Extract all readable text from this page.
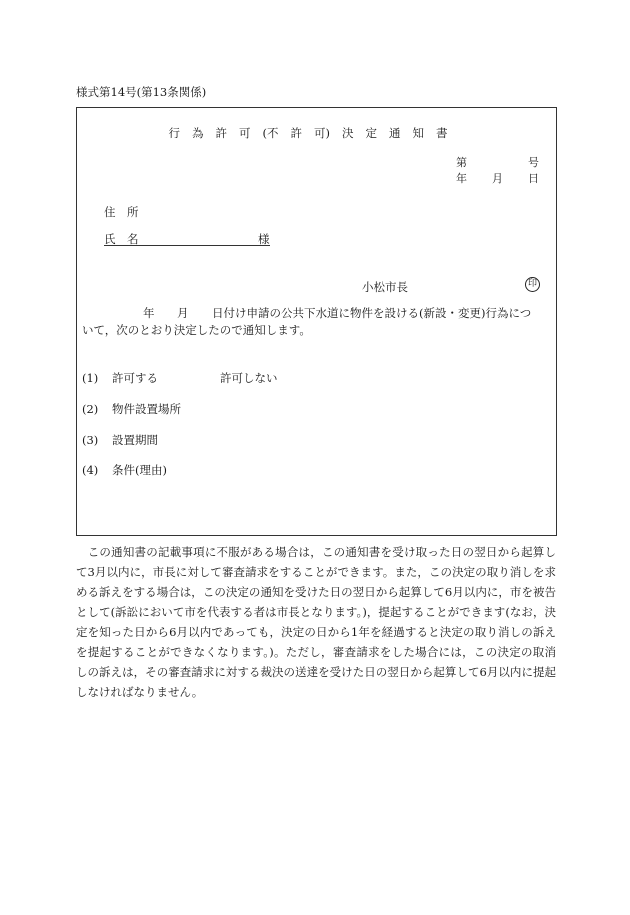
様式第14号(第13条関係)
行 為 許 可 (不 許 可) 決 定 通 知 書
第	号
年 月 日
住　所
氏　名	様
小松市長	印
年 月 日付け申請の公共下水道に物件を設ける(新設・変更)行為につ
いて，次のとおり決定したので通知します。
(1) 許可する	許可しない
(2) 物件設置場所
(3) 設置期間
(4) 条件(理由)
　この通知書の記載事項に不服がある場合は，この通知書を受け取った日の翌日から起算して3月以内に，市長に対して審査請求をすることができます。また，この決定の取り消しを求める訴えをする場合は，この決定の通知を受けた日の翌日から起算して6月以内に，市を被告として(訴訟において市を代表する者は市長となります。)，提起することができます(なお，決定を知った日から6月以内であっても，決定の日から1年を経過すると決定の取り消しの訴えを提起することができなくなります。)。ただし，審査請求をした場合には，この決定の取消しの訴えは，その審査請求に対する裁決の送達を受けた日の翌日から起算して6月以内に提起しなければなりません。
